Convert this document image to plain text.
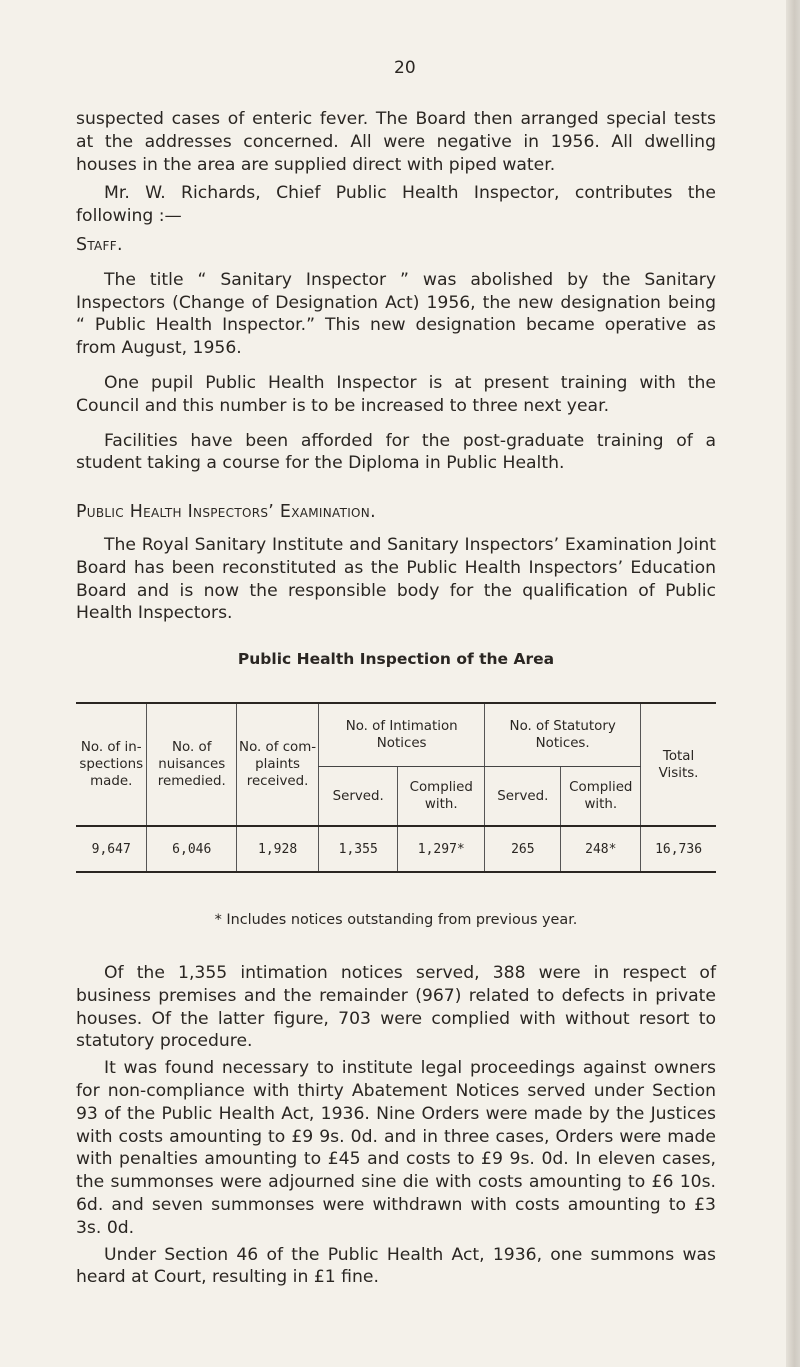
20

suspected cases of enteric fever. The Board then arranged special tests at the addresses concerned. All were negative in 1956. All dwelling houses in the area are supplied direct with piped water.

Mr. W. Richards, Chief Public Health Inspector, contributes the following :—

Staff.

The title “ Sanitary Inspector ” was abolished by the Sanitary Inspectors (Change of Designation Act) 1956, the new designation being “ Public Health Inspector.” This new designation became operative as from August, 1956.

One pupil Public Health Inspector is at present training with the Council and this number is to be increased to three next year.

Facilities have been afforded for the post-graduate training of a student taking a course for the Diploma in Public Health.

Public Health Inspectors’ Examination.

The Royal Sanitary Institute and Sanitary Inspectors’ Examination Joint Board has been reconstituted as the Public Health Inspectors’ Education Board and is now the responsible body for the qualification of Public Health Inspectors.

Public Health Inspection of the Area
No. of in- spections made.	No. of nuisances remedied.	No. of com- plaints received.	No. of Intimation Notices		No. of Statutory Notices.		Total Visits.
			Served.	Complied with.	Served.	Complied with.	
9,647	6,046	1,928	1,355	1,297*	265	248*	16,736
* Includes notices outstanding from previous year.

Of the 1,355 intimation notices served, 388 were in respect of business premises and the remainder (967) related to defects in private houses. Of the latter figure, 703 were complied with without resort to statutory procedure.

It was found necessary to institute legal proceedings against owners for non-compliance with thirty Abatement Notices served under Section 93 of the Public Health Act, 1936. Nine Orders were made by the Justices with costs amounting to £9 9s. 0d. and in three cases, Orders were made with penalties amounting to £45 and costs to £9 9s. 0d. In eleven cases, the summonses were adjourned sine die with costs amounting to £6 10s. 6d. and seven summonses were withdrawn with costs amounting to £3 3s. 0d.

Under Section 46 of the Public Health Act, 1936, one summons was heard at Court, resulting in £1 fine.
